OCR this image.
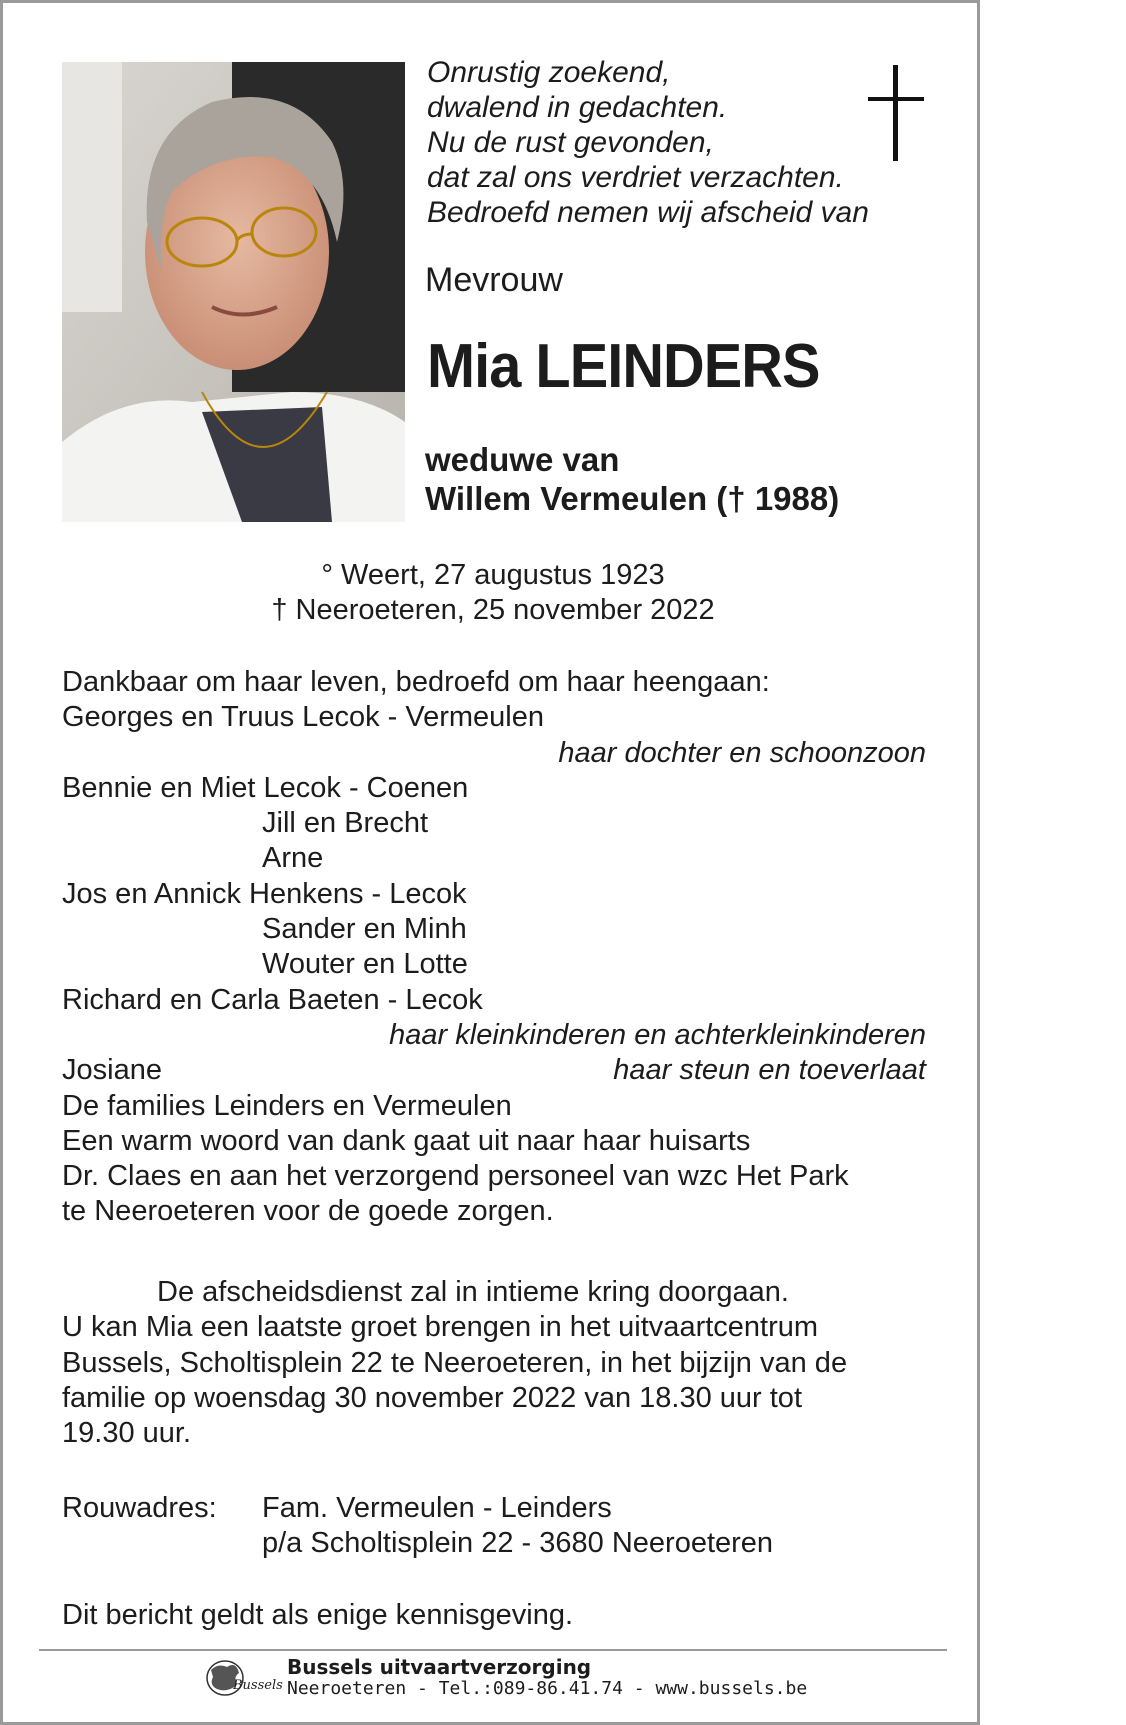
Onrustig zoekend,
dwalend in gedachten.
Nu de rust gevonden,
dat zal ons verdriet verzachten.
Bedroefd nemen wij afscheid van
Mevrouw
Mia LEINDERS
weduwe van
Willem Vermeulen († 1988)
° Weert, 27 augustus 1923
† Neeroeteren, 25 november 2022
Dankbaar om haar leven, bedroefd om haar heengaan:
Georges en Truus Lecok - Vermeulen
haar dochter en schoonzoon
Bennie en Miet Lecok - Coenen
Jill en Brecht
Arne
Jos en Annick Henkens - Lecok
Sander en Minh
Wouter en Lotte
Richard en Carla Baeten - Lecok
haar kleinkinderen en achterkleinkinderen
Josiane	haar steun en toeverlaat
De families Leinders en Vermeulen
Een warm woord van dank gaat uit naar haar huisarts
Dr. Claes en aan het verzorgend personeel van wzc Het Park
te Neeroeteren voor de goede zorgen.
De afscheidsdienst zal in intieme kring doorgaan.
U kan Mia een laatste groet brengen in het uitvaartcentrum
Bussels, Scholtisplein 22 te Neeroeteren, in het bijzijn van de
familie op woensdag 30 november 2022 van 18.30 uur tot
19.30 uur.
Rouwadres: Fam. Vermeulen - Leinders
p/a Scholtisplein 22 - 3680 Neeroeteren
Dit bericht geldt als enige kennisgeving.
Bussels
Bussels uitvaartverzorging
Neeroeteren - Tel.:089-86.41.74 - www.bussels.be
